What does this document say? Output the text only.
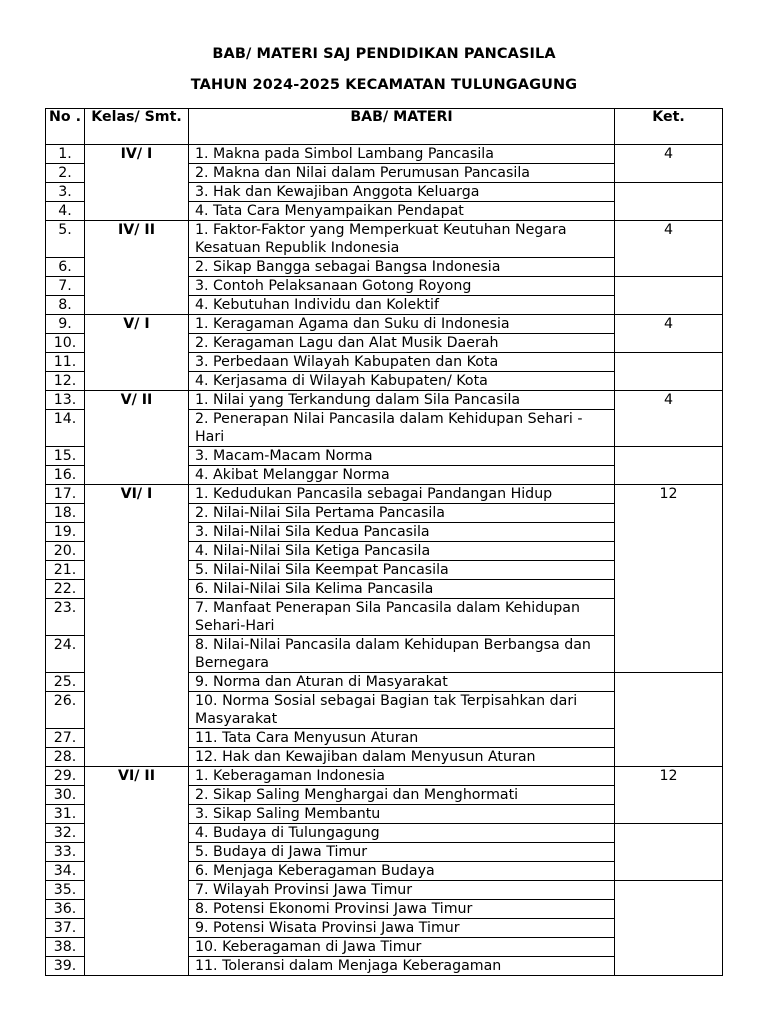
BAB/ MATERI SAJ PENDIDIKAN PANCASILA
TAHUN 2024-2025 KECAMATAN TULUNGAGUNG
No .	Kelas/ Smt.	BAB/ MATERI	Ket.
1.	IV/ I	1. Makna pada Simbol Lambang Pancasila	4
2.		2. Makna dan Nilai dalam Perumusan Pancasila	
3.		3. Hak dan Kewajiban Anggota Keluarga	
4.		4. Tata Cara Menyampaikan Pendapat	
5.	IV/ II	1. Faktor-Faktor yang Memperkuat Keutuhan Negara Kesatuan Republik Indonesia	4
6.		2. Sikap Bangga sebagai Bangsa Indonesia	
7.		3. Contoh Pelaksanaan Gotong Royong	
8.		4. Kebutuhan Individu dan Kolektif	
9.	V/ I	1. Keragaman Agama dan Suku di Indonesia	4
10.		2. Keragaman Lagu dan Alat Musik Daerah	
11.		3. Perbedaan Wilayah Kabupaten dan Kota	
12.		4. Kerjasama di Wilayah Kabupaten/ Kota	
13.	V/ II	1. Nilai yang Terkandung dalam Sila Pancasila	4
14.		2. Penerapan Nilai Pancasila dalam Kehidupan Sehari - Hari	
15.		3. Macam-Macam Norma	
16.		4. Akibat Melanggar Norma	
17.	VI/ I	1. Kedudukan Pancasila sebagai Pandangan Hidup	12
18.		2. Nilai-Nilai Sila Pertama Pancasila	
19.		3. Nilai-Nilai Sila Kedua Pancasila	
20.		4. Nilai-Nilai Sila Ketiga Pancasila	
21.		5. Nilai-Nilai Sila Keempat Pancasila	
22.		6. Nilai-Nilai Sila Kelima Pancasila	
23.		7. Manfaat Penerapan Sila Pancasila dalam Kehidupan Sehari-Hari	
24.		8. Nilai-Nilai Pancasila dalam Kehidupan Berbangsa dan Bernegara	
25.		9. Norma dan Aturan di Masyarakat	
26.		10. Norma Sosial sebagai Bagian tak Terpisahkan dari Masyarakat	
27.		11. Tata Cara Menyusun Aturan	
28.		12. Hak dan Kewajiban dalam Menyusun Aturan	
29.	VI/ II	1. Keberagaman Indonesia	12
30.		2. Sikap Saling Menghargai dan Menghormati	
31.		3. Sikap Saling Membantu	
32.		4. Budaya di Tulungagung	
33.		5. Budaya di Jawa Timur	
34.		6. Menjaga Keberagaman Budaya	
35.		7. Wilayah Provinsi Jawa Timur	
36.		8. Potensi Ekonomi Provinsi Jawa Timur	
37.		9. Potensi Wisata Provinsi Jawa Timur	
38.		10. Keberagaman di Jawa Timur	
39.		11. Toleransi dalam Menjaga Keberagaman	
